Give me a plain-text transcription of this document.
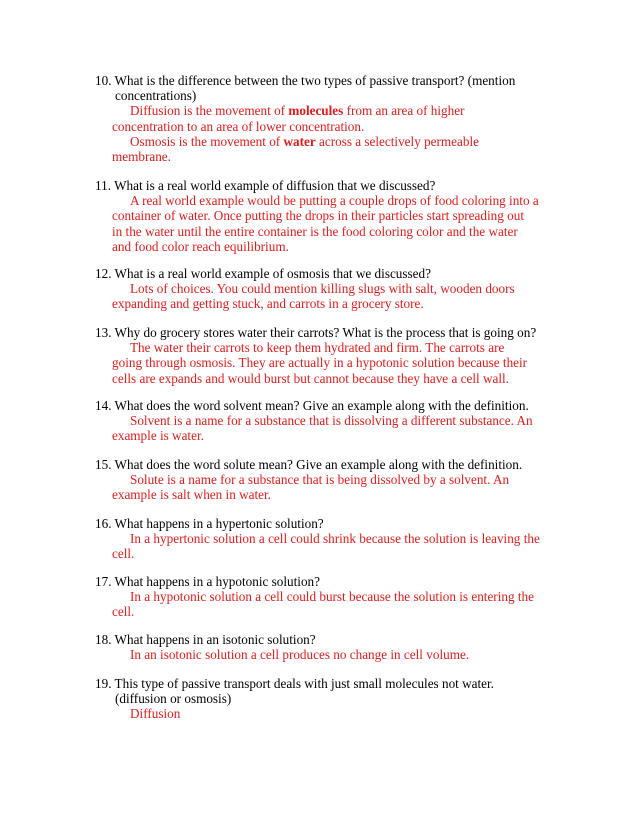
10. What is the difference between the two types of passive transport? (mention
concentrations)

Diffusion is the movement of molecules from an area of higher
concentration to an area of lower concentration.
Osmosis is the movement of water across a selectively permeable
membrane.

11. What is a real world example of diffusion that we discussed?

A real world example would be putting a couple drops of food coloring into a
container of water. Once putting the drops in their particles start spreading out
in the water until the entire container is the food coloring color and the water
and food color reach equilibrium.

12. What is a real world example of osmosis that we discussed?

Lots of choices. You could mention killing slugs with salt, wooden doors
expanding and getting stuck, and carrots in a grocery store.

13. Why do grocery stores water their carrots? What is the process that is going on?

The water their carrots to keep them hydrated and firm. The carrots are
going through osmosis. They are actually in a hypotonic solution because their
cells are expands and would burst but cannot because they have a cell wall.

14. What does the word solvent mean? Give an example along with the definition.

Solvent is a name for a substance that is dissolving a different substance. An
example is water.

15. What does the word solute mean? Give an example along with the definition.

Solute is a name for a substance that is being dissolved by a solvent. An
example is salt when in water.

16. What happens in a hypertonic solution?

In a hypertonic solution a cell could shrink because the solution is leaving the
cell.

17. What happens in a hypotonic solution?

In a hypotonic solution a cell could burst because the solution is entering the
cell.

18. What happens in an isotonic solution?

In an isotonic solution a cell produces no change in cell volume.

19. This type of passive transport deals with just small molecules not water.
(diffusion or osmosis)

Diffusion
